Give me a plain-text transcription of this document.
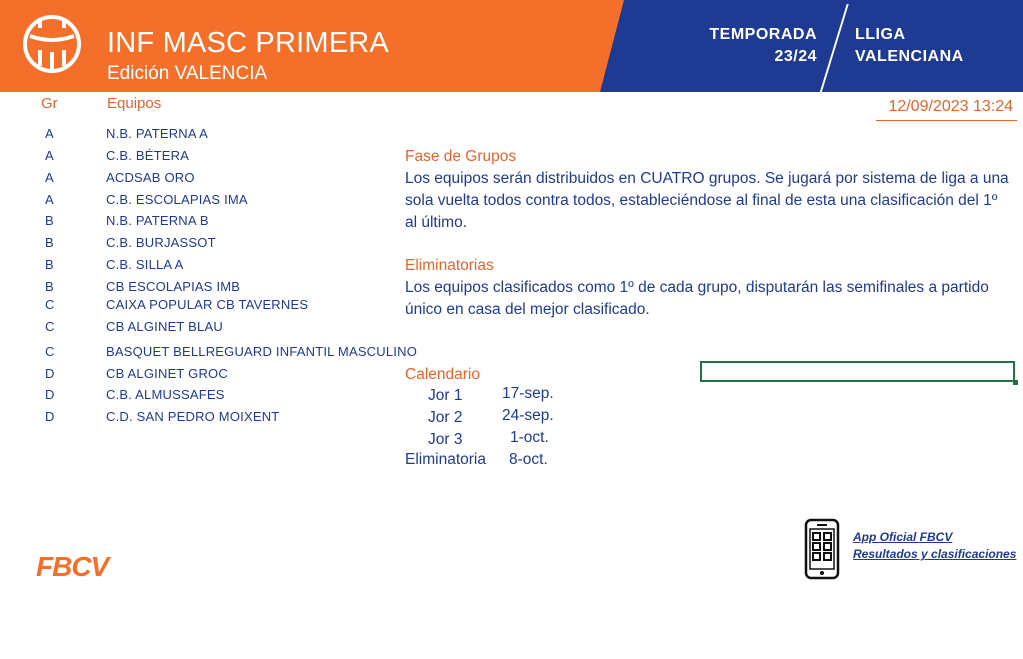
INF MASC PRIMERA
Edición VALENCIA
TEMPORADA
23/24
LLIGA
VALENCIANA
Gr	Equipos	12/09/2023 13:24
A	N.B. PATERNA A
A	C.B. BÉTERA
A	ACDSAB ORO
A	C.B. ESCOLAPIAS IMA
B	N.B. PATERNA B
B	C.B. BURJASSOT
B	C.B. SILLA A
B	CB ESCOLAPIAS IMB
C	CAIXA POPULAR CB TAVERNES
C	CB ALGINET BLAU
C	BASQUET BELLREGUARD INFANTIL MASCULINO
D	CB ALGINET GROC
D	C.B. ALMUSSAFES
D	C.D. SAN PEDRO MOIXENT
Fase de Grupos
Los equipos serán distribuidos en CUATRO grupos. Se jugará por sistema de liga a una sola vuelta todos contra todos, estableciéndose al final de esta una clasificación del 1º al último.
Eliminatorias
Los equipos clasificados como 1º de cada grupo, disputarán las semifinales a partido único en casa del mejor clasificado.
Calendario
Jor 1	17-sep.
Jor 2	24-sep.
Jor 3	1-oct.
Eliminatoria 8-oct.
FBCV
App Oficial FBCV
Resultados y clasificaciones
